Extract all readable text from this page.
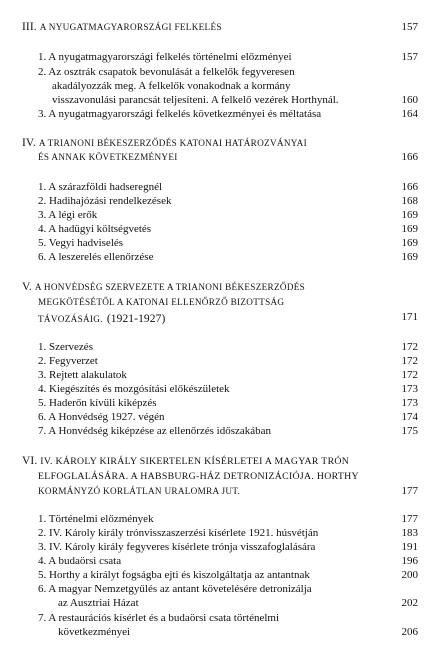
III. A NYUGATMAGYARORSZÁGI FELKELÉS	157
1. A nyugatmagyarországi felkelés történelmi előzményei	157
2. Az osztrák csapatok bevonulását a felkelők fegyveresen
akadályozzák meg. A felkelők vonakodnak a kormány
visszavonulási parancsát teljesíteni. A felkelő vezérek Horthynál.	160
3. A nyugatmagyarországi felkelés következményei és méltatása	164
IV. A TRIANONI BÉKESZERZŐDÉS KATONAI HATÁROZVÁNYAI
ÉS ANNAK KÖVETKEZMÉNYEI	166
1. A szárazföldi hadseregnél	166
2. Hadihajózási rendelkezések	168
3. A légi erők	169
4. A hadügyi költségvetés	169
5. Vegyi hadviselés	169
6. A leszerelés ellenőrzése	169
V. A HONVÉDSÉG SZERVEZETE A TRIANONI BÉKESZERZŐDÉS
MEGKÖTÉSÉTŐL A KATONAI ELLENŐRZŐ BIZOTTSÁG
TÁVOZÁSÁIG. (1921-1927)	171
1. Szervezés	172
2. Fegyverzet	172
3. Rejtett alakulatok	172
4. Kiegészítés és mozgósítási előkészületek	173
5. Haderőn kívüli kiképzés	173
6. A Honvédség 1927. végén	174
7. A Honvédség kiképzése az ellenőrzés időszakában	175
VI. IV. KÁROLY KIRÁLY SIKERTELEN KÍSÉRLETEI A MAGYAR TRÓN
ELFOGLALÁSÁRA. A HABSBURG-HÁZ DETRONIZÁCIÓJA. HORTHY
KORMÁNYZÓ KORLÁTLAN URALOMRA JUT.	177
1. Történelmi előzmények	177
2. IV. Károly király trónvisszaszerzési kísérlete 1921. húsvétján	183
3. IV. Károly király fegyveres kísérlete trónja visszafoglalására	191
4. A budaörsi csata	196
5. Horthy a királyt fogságba ejti és kiszolgáltatja az antantnak	200
6. A magyar Nemzetgyűlés az antant követelésére detronizálja
az Ausztriai Házat	202
7. A restaurációs kísérlet és a budaörsi csata történelmi
következményei	206
